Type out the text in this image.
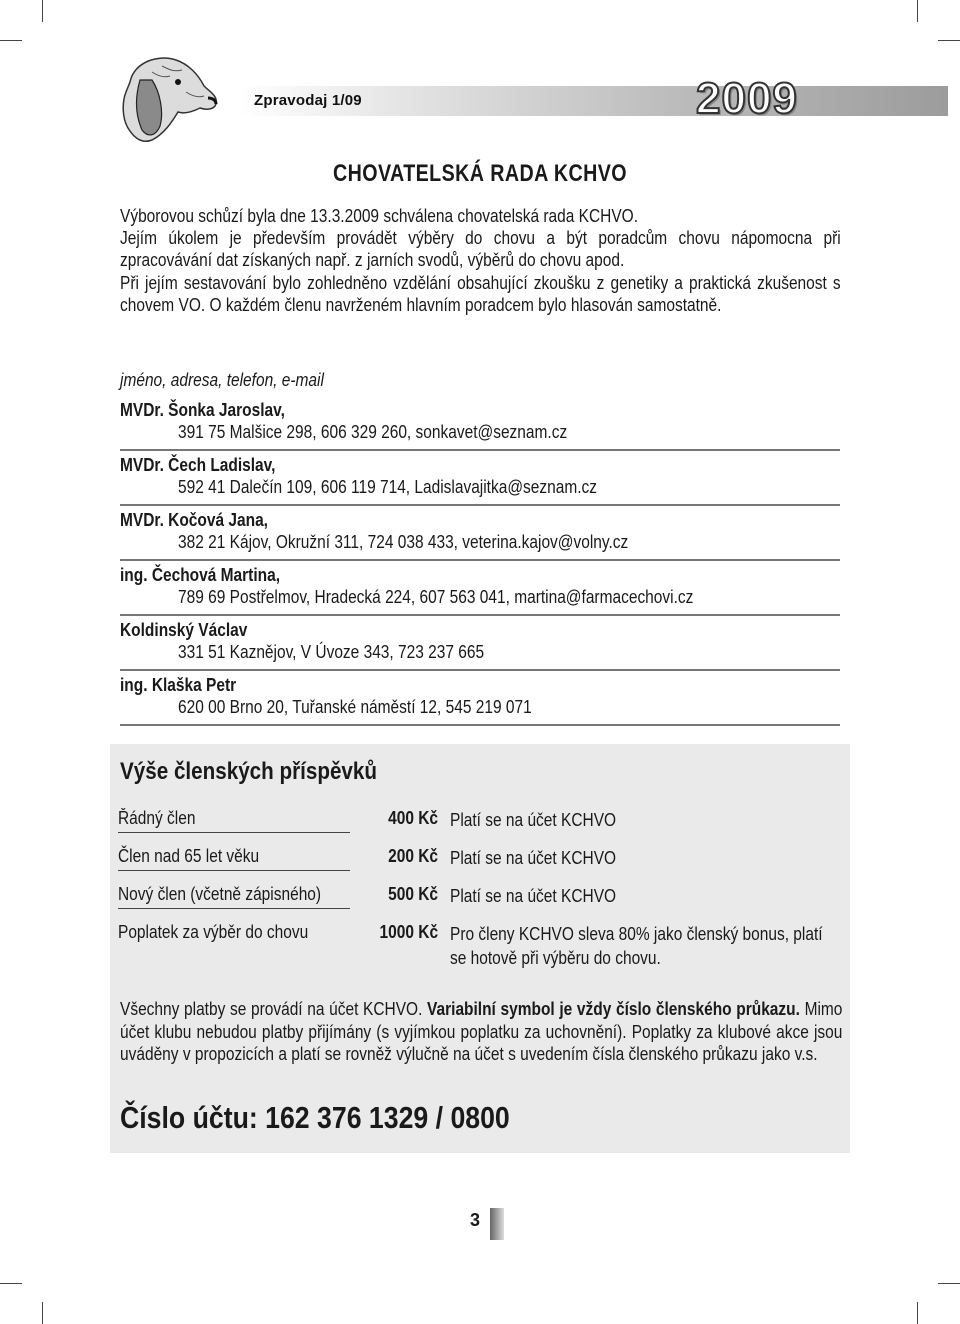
Zpravodaj 1/09	2009
CHOVATELSKÁ RADA KCHVO

Výborovou schůzí byla dne 13.3.2009 schválena chovatelská rada KCHVO.

Jejím úkolem je především provádět výběry do chovu a být poradcům chovu nápomocna při zpracovávání dat získaných např. z jarních svodů, výběrů do chovu apod.

Při jejím sestavování bylo zohledněno vzdělání obsahující zkoušku z genetiky a praktická zkušenost s chovem VO. O každém členu navrženém hlavním poradcem bylo hlasován samostatně.

jméno, adresa, telefon, e-mail
MVDr. Šonka Jaroslav,
391 75 Malšice 298, 606 329 260, sonkavet@seznam.cz
MVDr. Čech Ladislav,
592 41 Dalečín 109, 606 119 714, Ladislavajitka@seznam.cz
MVDr. Kočová Jana,
382 21 Kájov, Okružní 311, 724 038 433, veterina.kajov@volny.cz
ing. Čechová Martina,
789 69 Postřelmov, Hradecká 224, 607 563 041, martina@farmacechovi.cz
Koldinský Václav
331 51 Kaznějov, V Úvoze 343, 723 237 665
ing. Klaška Petr
620 00 Brno 20, Tuřanské náměstí 12, 545 219 071
Výše členských příspěvků
Řádný člen	400 Kč Platí se na účet KCHVO
Člen nad 65 let věku	200 Kč Platí se na účet KCHVO
Nový člen (včetně zápisného)	500 Kč Platí se na účet KCHVO
Poplatek za výběr do chovu	1000 Kč Pro členy KCHVO sleva 80% jako členský bonus, platí se hotově při výběru do chovu.
Všechny platby se provádí na účet KCHVO. Variabilní symbol je vždy číslo členského průkazu. Mimo účet klubu nebudou platby přijímány (s vyjímkou poplatku za uchovnění). Poplatky za klubové akce jsou uváděny v propozicích a platí se rovněž výlučně na účet s uvedením čísla členského průkazu jako v.s.
Číslo účtu: 162 376 1329 / 0800
3
